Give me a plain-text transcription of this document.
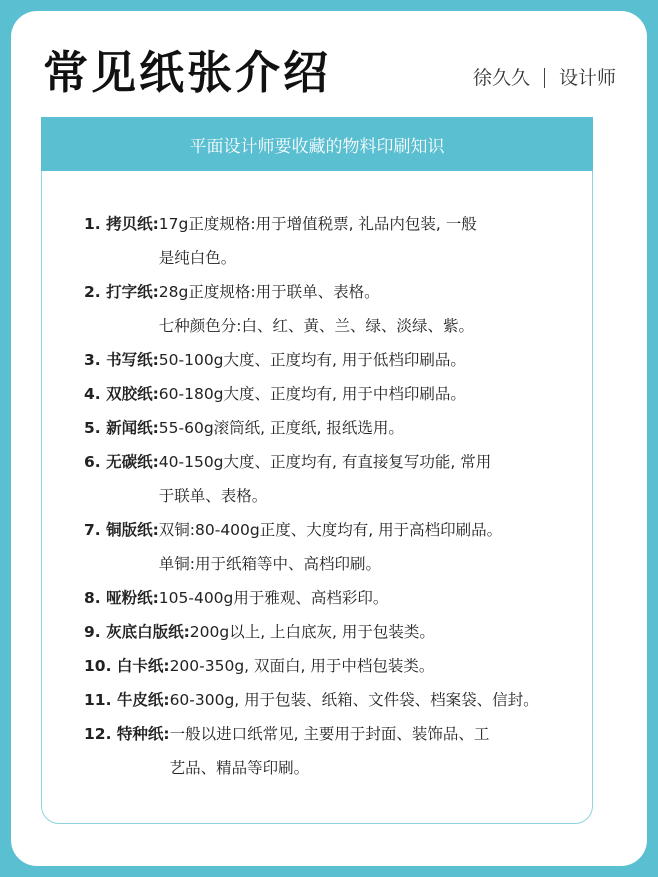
常见纸张介绍	徐久久 设计师
平面设计师要收藏的物料印刷知识
1. 拷贝纸: 17g正度规格:用于增值税票, 礼品内包装, 一般
是纯白色。
2. 打字纸: 28g正度规格:用于联单、表格。
七种颜色分:白、红、黄、兰、绿、淡绿、紫。
3. 书写纸: 50-100g大度、正度均有, 用于低档印刷品。
4. 双胶纸: 60-180g大度、正度均有, 用于中档印刷品。
5. 新闻纸: 55-60g滚筒纸, 正度纸, 报纸选用。
6. 无碳纸: 40-150g大度、正度均有, 有直接复写功能, 常用
于联单、表格。
7. 铜版纸: 双铜:80-400g正度、大度均有, 用于高档印刷品。
单铜:用于纸箱等中、高档印刷。
8. 哑粉纸: 105-400g用于雅观、高档彩印。
9. 灰底白版纸: 200g以上, 上白底灰, 用于包装类。
10. 白卡纸: 200-350g, 双面白, 用于中档包装类。
11. 牛皮纸: 60-300g, 用于包装、纸箱、文件袋、档案袋、信封。
12. 特种纸: 一般以进口纸常见, 主要用于封面、装饰品、工
艺品、精品等印刷。
